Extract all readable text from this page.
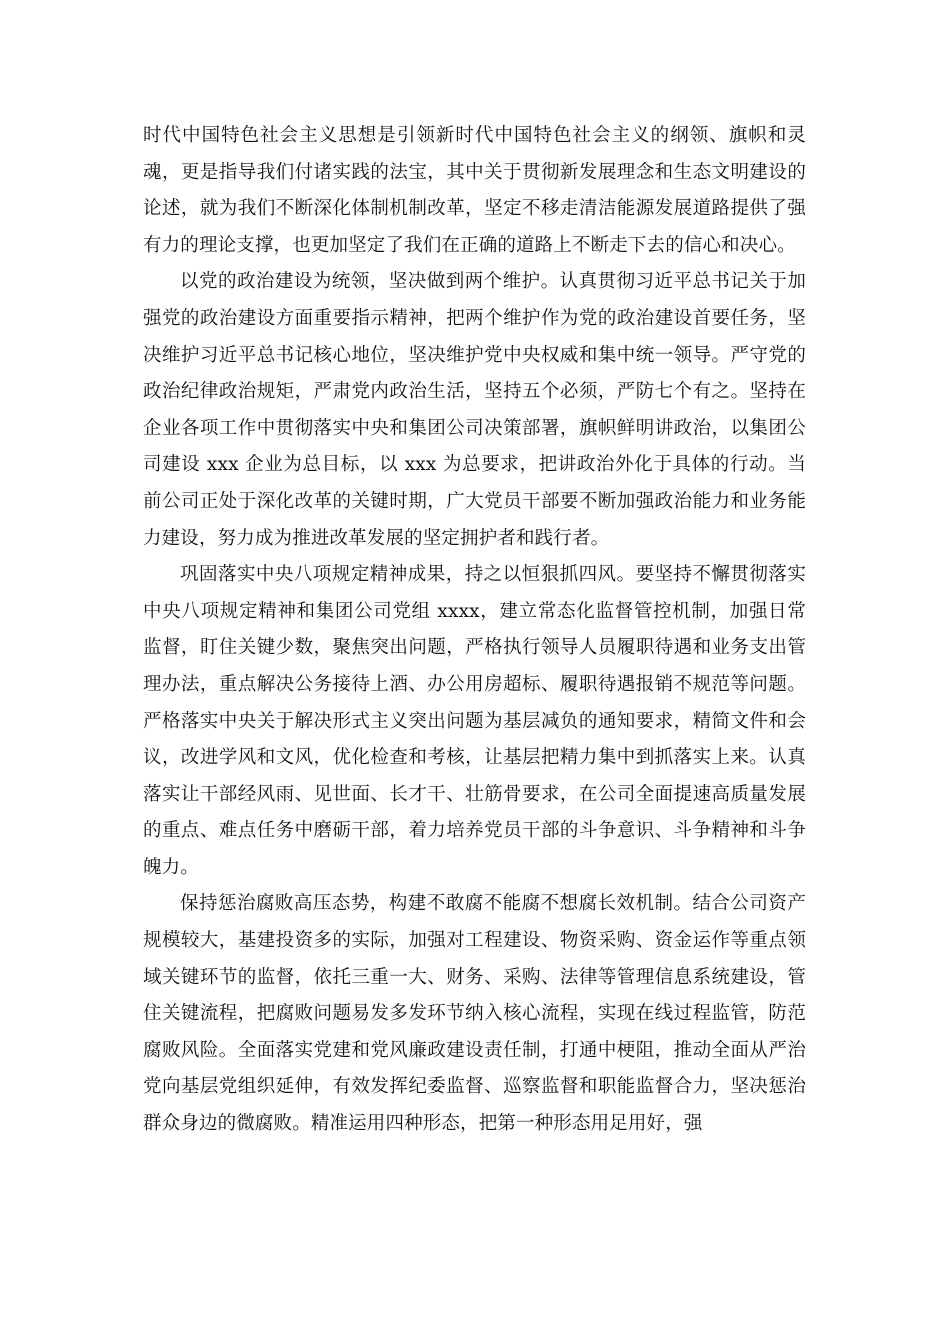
时代中国特色社会主义思想是引领新时代中国特色社会主义的纲领、旗帜和灵魂，更是指导我们付诸实践的法宝，其中关于贯彻新发展理念和生态文明建设的论述，就为我们不断深化体制机制改革，坚定不移走清洁能源发展道路提供了强有力的理论支撑，也更加坚定了我们在正确的道路上不断走下去的信心和决心。

以党的政治建设为统领，坚决做到两个维护。认真贯彻习近平总书记关于加强党的政治建设方面重要指示精神，把两个维护作为党的政治建设首要任务，坚决维护习近平总书记核心地位，坚决维护党中央权威和集中统一领导。严守党的政治纪律政治规矩，严肃党内政治生活，坚持五个必须，严防七个有之。坚持在企业各项工作中贯彻落实中央和集团公司决策部署，旗帜鲜明讲政治，以集团公司建设 xxx 企业为总目标，以 xxx 为总要求，把讲政治外化于具体的行动。当前公司正处于深化改革的关键时期，广大党员干部要不断加强政治能力和业务能力建设，努力成为推进改革发展的坚定拥护者和践行者。

巩固落实中央八项规定精神成果，持之以恒狠抓四风。要坚持不懈贯彻落实中央八项规定精神和集团公司党组 xxxx，建立常态化监督管控机制，加强日常监督，盯住关键少数，聚焦突出问题，严格执行领导人员履职待遇和业务支出管理办法，重点解决公务接待上酒、办公用房超标、履职待遇报销不规范等问题。严格落实中央关于解决形式主义突出问题为基层减负的通知要求，精简文件和会议，改进学风和文风，优化检查和考核，让基层把精力集中到抓落实上来。认真落实让干部经风雨、见世面、长才干、壮筋骨要求，在公司全面提速高质量发展的重点、难点任务中磨砺干部，着力培养党员干部的斗争意识、斗争精神和斗争魄力。

保持惩治腐败高压态势，构建不敢腐不能腐不想腐长效机制。结合公司资产规模较大，基建投资多的实际，加强对工程建设、物资采购、资金运作等重点领域关键环节的监督，依托三重一大、财务、采购、法律等管理信息系统建设，管住关键流程，把腐败问题易发多发环节纳入核心流程，实现在线过程监管，防范腐败风险。全面落实党建和党风廉政建设责任制，打通中梗阻，推动全面从严治党向基层党组织延伸，有效发挥纪委监督、巡察监督和职能监督合力，坚决惩治群众身边的微腐败。精准运用四种形态，把第一种形态用足用好，强
